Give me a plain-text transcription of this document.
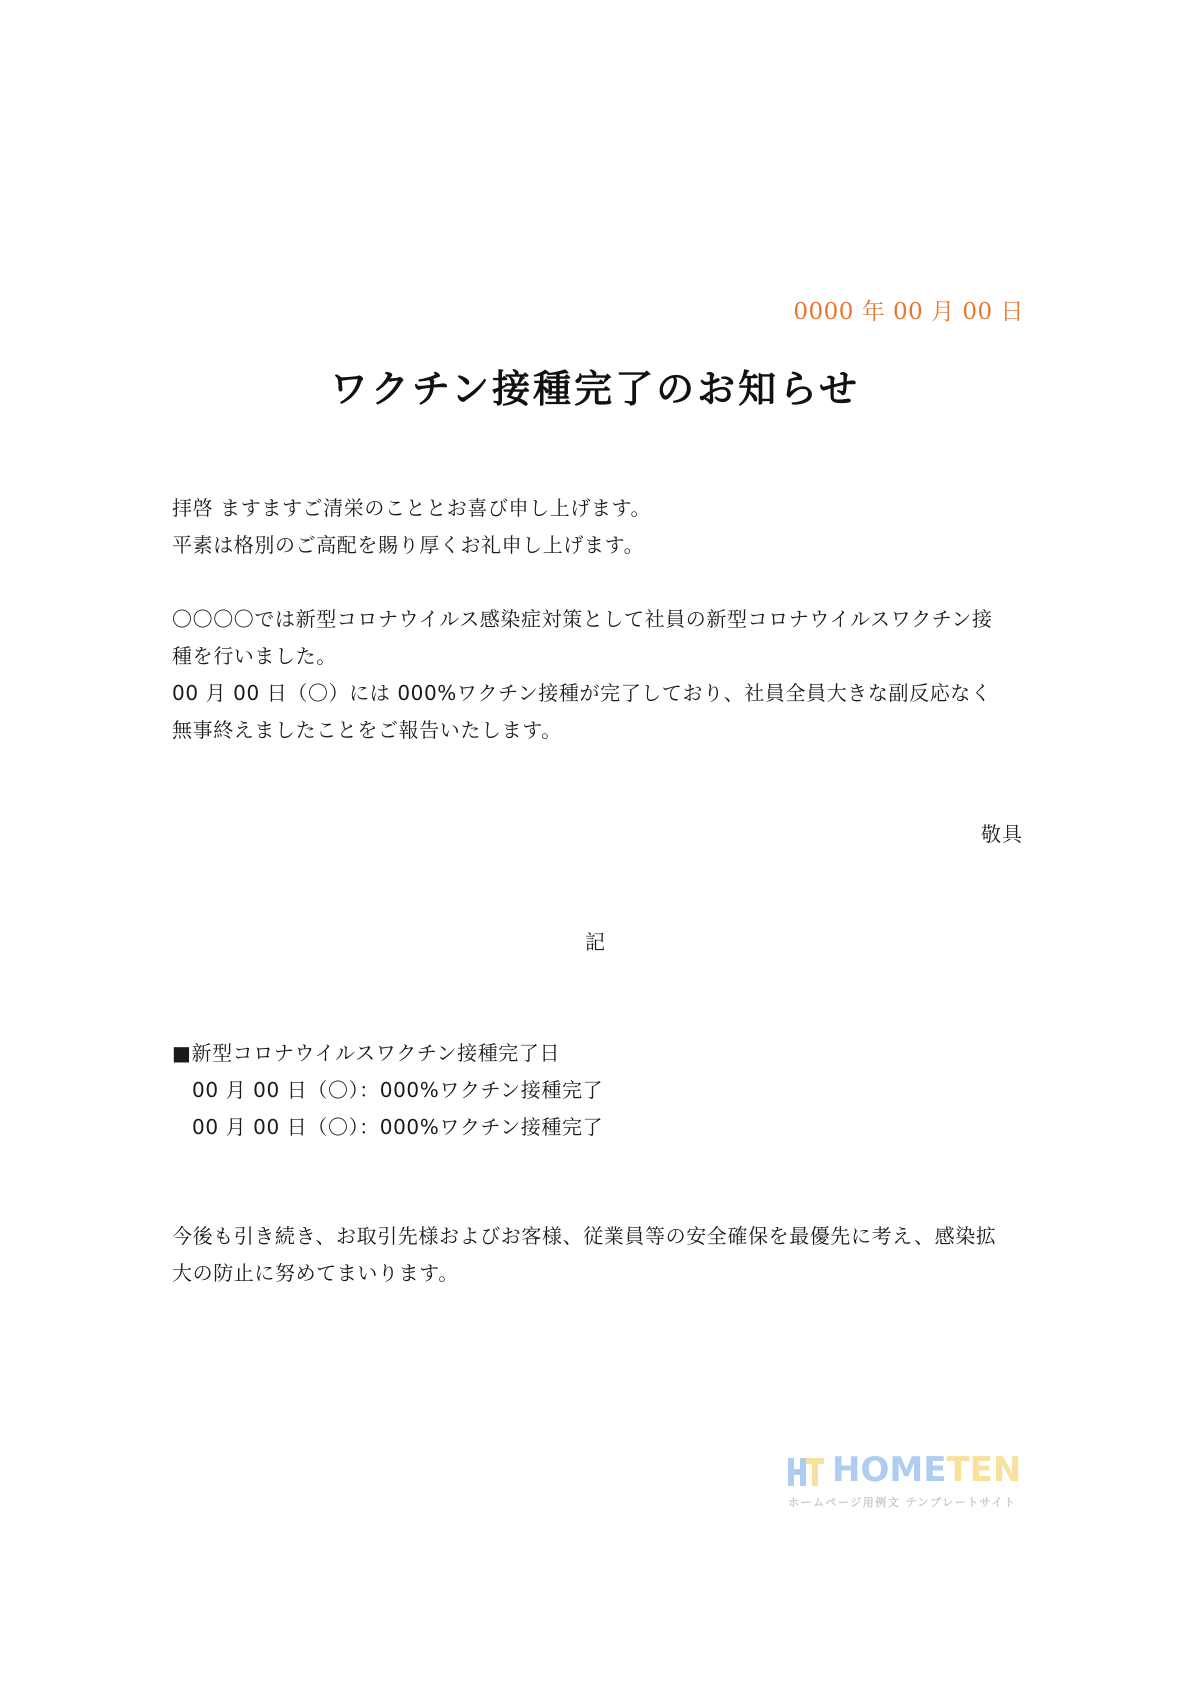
0000 年 00 月 00 日
ワクチン接種完了のお知らせ
拝啓 ますますご清栄のこととお喜び申し上げます。
平素は格別のご高配を賜り厚くお礼申し上げます。
〇〇〇〇では新型コロナウイルス感染症対策として社員の新型コロナウイルスワクチン接
種を行いました。
00 月 00 日（〇）には 000%ワクチン接種が完了しており、社員全員大きな副反応なく
無事終えましたことをご報告いたします。
敬具
記
■新型コロナウイルスワクチン接種完了日
00 月 00 日（〇）：000%ワクチン接種完了
00 月 00 日（〇）：000%ワクチン接種完了
今後も引き続き、お取引先様およびお客様、従業員等の安全確保を最優先に考え、感染拡
大の防止に努めてまいります。
HOMETEN
ホームページ用例文 テンプレートサイト
